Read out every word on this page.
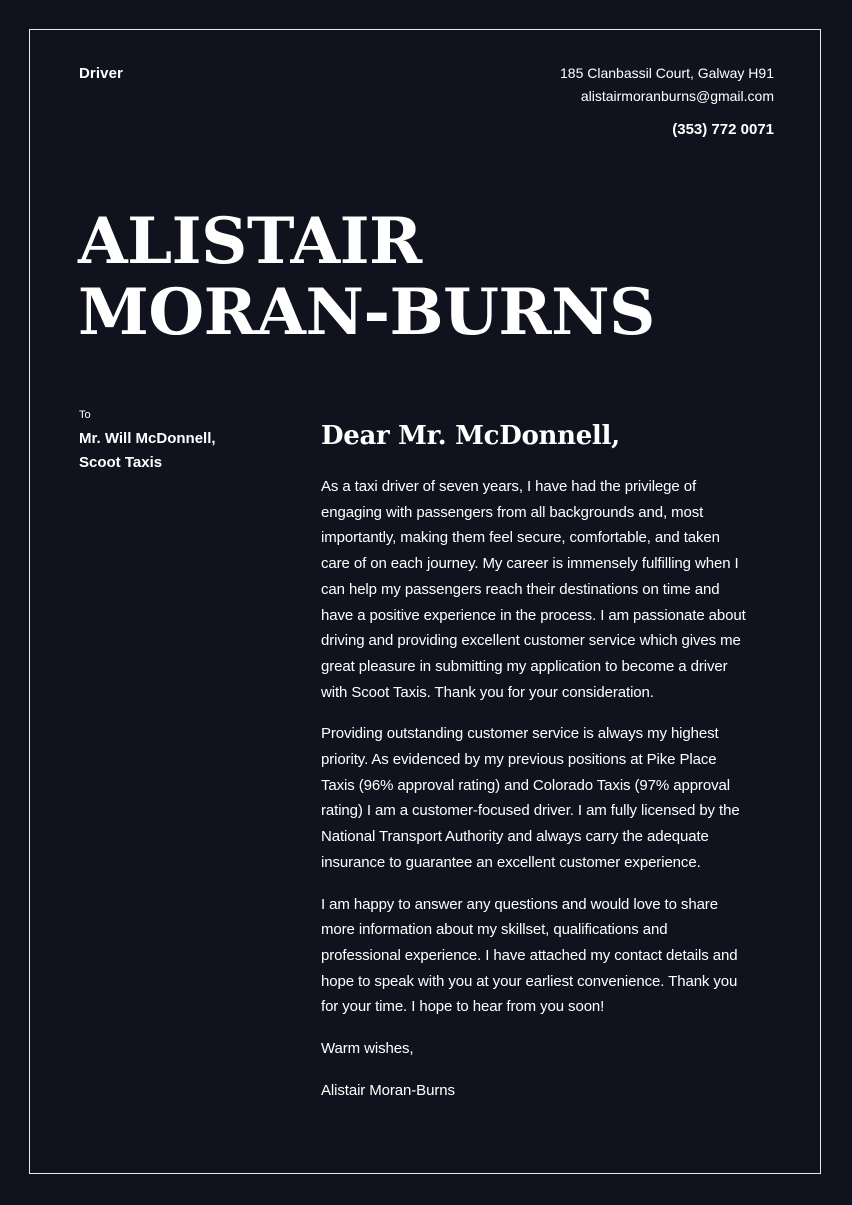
Driver	185 Clanbassil Court, Galway H91
alistairmoranburns@gmail.com
(353) 772 0071
ALISTAIR
MORAN-BURNS
To
Mr. Will McDonnell,
Scoot Taxis
Dear Mr. McDonnell,

As a taxi driver of seven years, I have had the privilege of engaging with passengers from all backgrounds and, most importantly, making them feel secure, comfortable, and taken care of on each journey. My career is immensely fulfilling when I can help my passengers reach their destinations on time and have a positive experience in the process. I am passionate about driving and providing excellent customer service which gives me great pleasure in submitting my application to become a driver with Scoot Taxis. Thank you for your consideration.

Providing outstanding customer service is always my highest priority. As evidenced by my previous positions at Pike Place Taxis (96% approval rating) and Colorado Taxis (97% approval rating) I am a customer-focused driver. I am fully licensed by the National Transport Authority and always carry the adequate insurance to guarantee an excellent customer experience.

I am happy to answer any questions and would love to share more information about my skillset, qualifications and professional experience. I have attached my contact details and hope to speak with you at your earliest convenience. Thank you for your time. I hope to hear from you soon!

Warm wishes,

Alistair Moran-Burns
